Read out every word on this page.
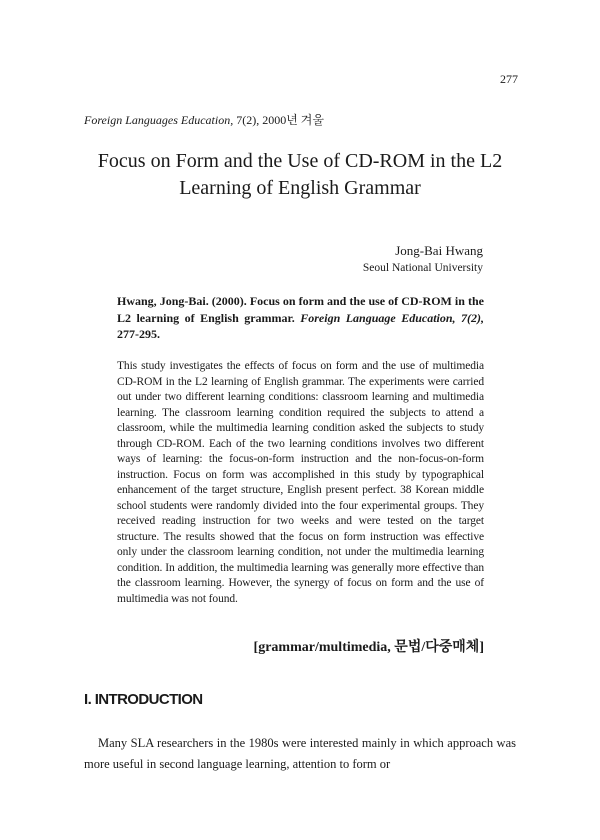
277
Foreign Languages Education, 7(2), 2000년 겨울
Focus on Form and the Use of CD-ROM in the L2 Learning of English Grammar
Jong-Bai Hwang
Seoul National University
Hwang, Jong-Bai. (2000). Focus on form and the use of CD-ROM in the L2 learning of English grammar. Foreign Language Education, 7(2), 277-295.
This study investigates the effects of focus on form and the use of multimedia CD-ROM in the L2 learning of English grammar. The experiments were carried out under two different learning conditions: classroom learning and multimedia learning. The classroom learning condition required the subjects to attend a classroom, while the multimedia learning condition asked the subjects to study through CD-ROM. Each of the two learning conditions involves two different ways of learning: the focus-on-form instruction and the non-focus-on-form instruction. Focus on form was accomplished in this study by typographical enhancement of the target structure, English present perfect. 38 Korean middle school students were randomly divided into the four experimental groups. They received reading instruction for two weeks and were tested on the target structure. The results showed that the focus on form instruction was effective only under the classroom learning condition, not under the multimedia learning condition. In addition, the multimedia learning was generally more effective than the classroom learning. However, the synergy of focus on form and the use of multimedia was not found.
[grammar/multimedia, 문법/다중매체]
I. INTRODUCTION
Many SLA researchers in the 1980s were interested mainly in which approach was more useful in second language learning, attention to form or
